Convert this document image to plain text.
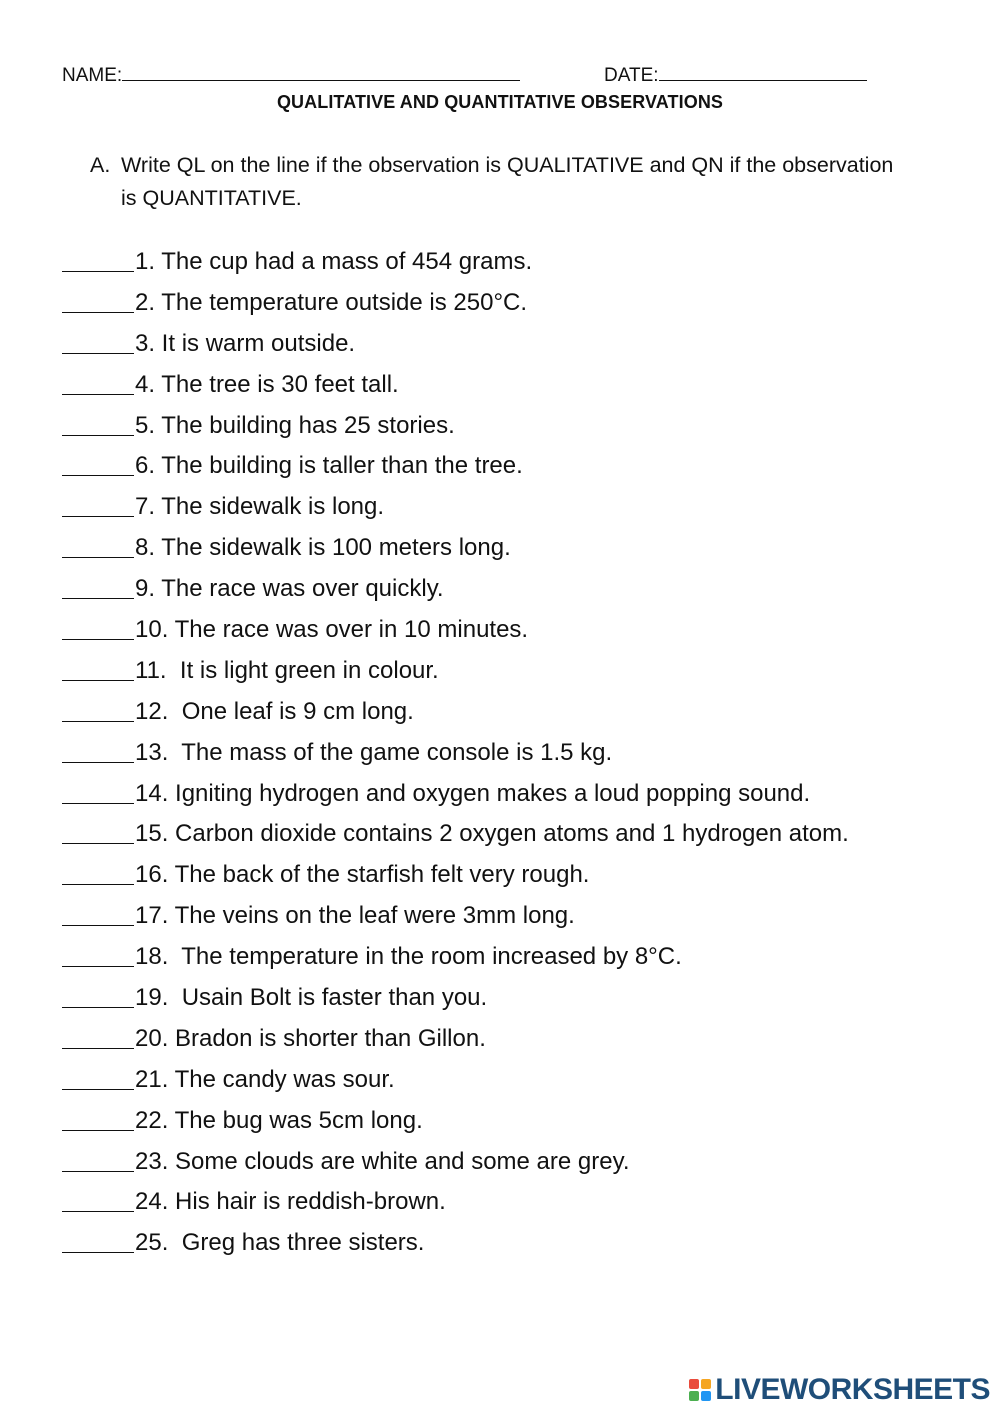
NAME:	DATE:
QUALITATIVE AND QUANTITATIVE OBSERVATIONS
A. Write QL on the line if the observation is QUALITATIVE and QN if the observation is QUANTITATIVE.
1. The cup had a mass of 454 grams.
2. The temperature outside is 250°C.
3. It is warm outside.
4. The tree is 30 feet tall.
5. The building has 25 stories.
6. The building is taller than the tree.
7. The sidewalk is long.
8. The sidewalk is 100 meters long.
9. The race was over quickly.
10. The race was over in 10 minutes.
11.  It is light green in colour.
12.  One leaf is 9 cm long.
13.  The mass of the game console is 1.5 kg.
14. Igniting hydrogen and oxygen makes a loud popping sound.
15. Carbon dioxide contains 2 oxygen atoms and 1 hydrogen atom.
16. The back of the starfish felt very rough.
17. The veins on the leaf were 3mm long.
18.  The temperature in the room increased by 8°C.
19.  Usain Bolt is faster than you.
20. Bradon is shorter than Gillon.
21. The candy was sour.
22. The bug was 5cm long.
23. Some clouds are white and some are grey.
24. His hair is reddish-brown.
25.  Greg has three sisters.
LIVEWORKSHEETS
